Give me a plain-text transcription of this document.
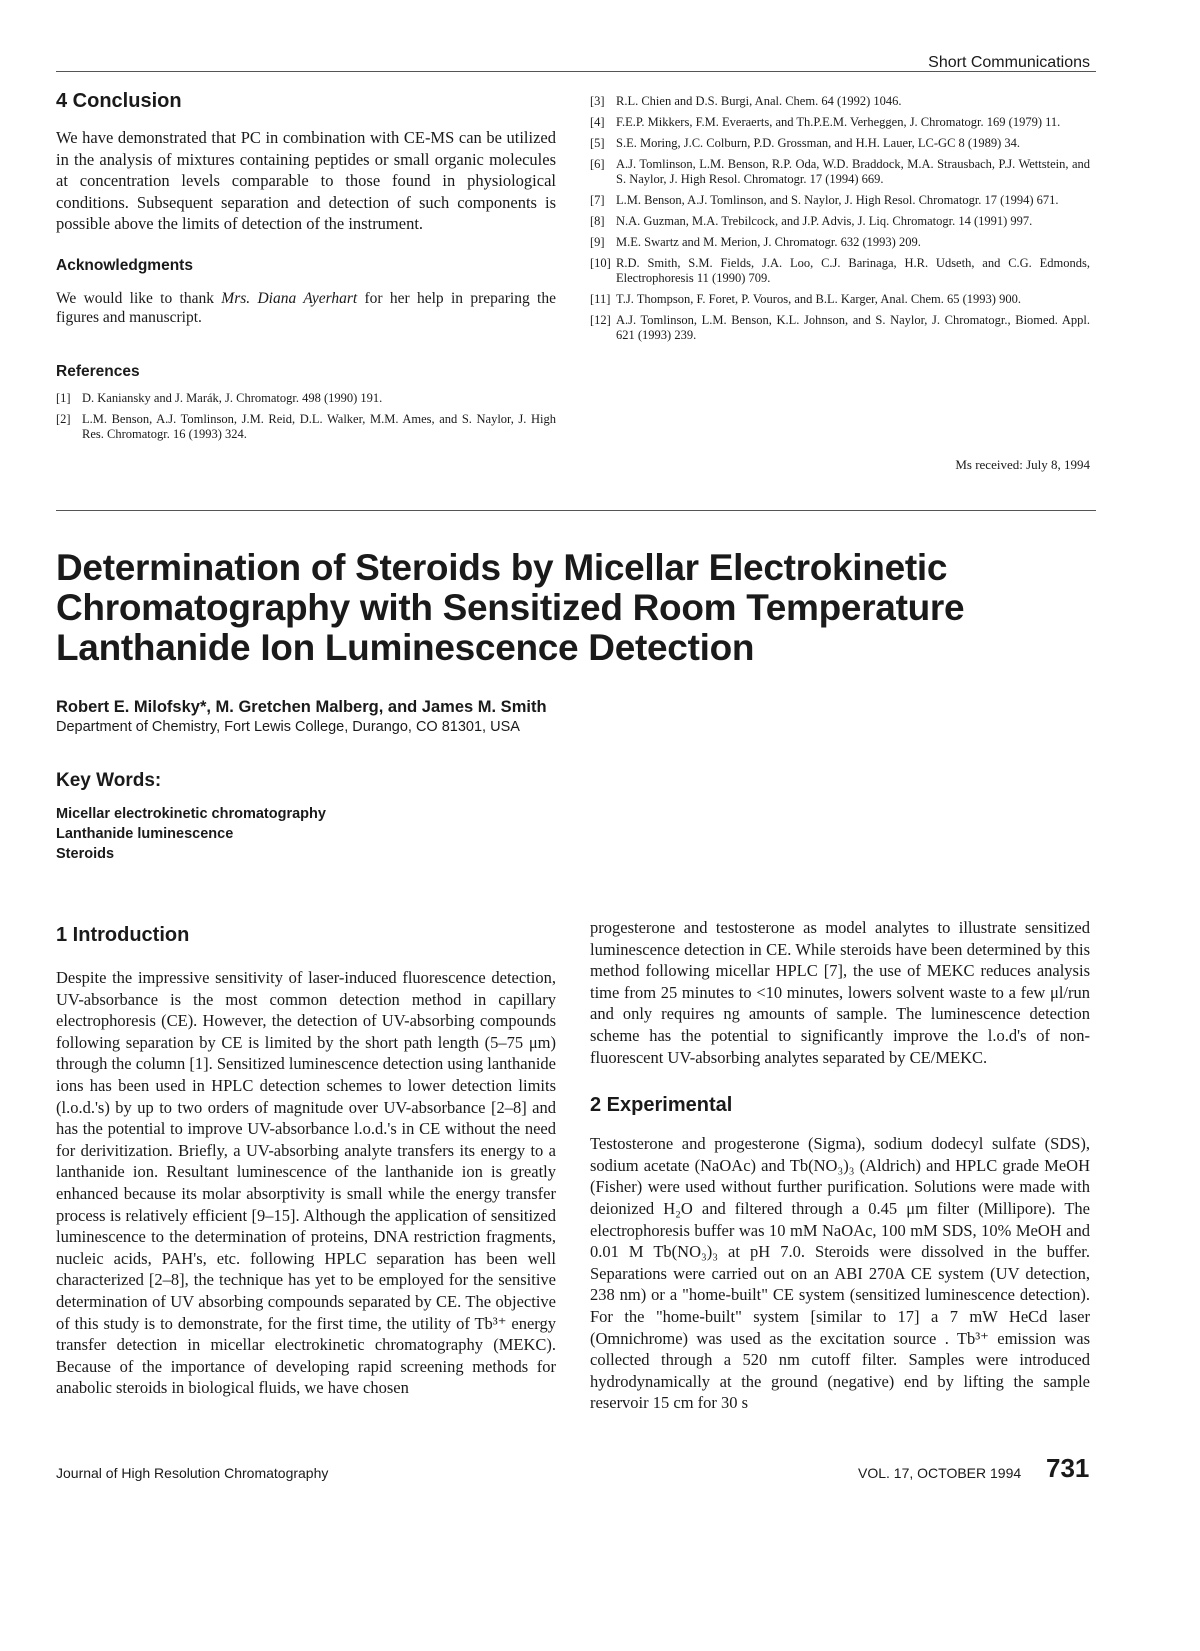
Short Communications
4 Conclusion

We have demonstrated that PC in combination with CE-MS can be utilized in the analysis of mixtures containing peptides or small organic molecules at concentration levels comparable to those found in physiological conditions. Subsequent separation and detection of such components is possible above the limits of detection of the instrument.

Acknowledgments

We would like to thank Mrs. Diana Ayerhart for her help in preparing the figures and manuscript.

References
[1] D. Kaniansky and J. Marák, J. Chromatogr. 498 (1990) 191.
[2] L.M. Benson, A.J. Tomlinson, J.M. Reid, D.L. Walker, M.M. Ames, and S. Naylor, J. High Res. Chromatogr. 16 (1993) 324.
[3] R.L. Chien and D.S. Burgi, Anal. Chem. 64 (1992) 1046.
[4] F.E.P. Mikkers, F.M. Everaerts, and Th.P.E.M. Verheggen, J. Chromatogr. 169 (1979) 11.
[5] S.E. Moring, J.C. Colburn, P.D. Grossman, and H.H. Lauer, LC-GC 8 (1989) 34.
[6] A.J. Tomlinson, L.M. Benson, R.P. Oda, W.D. Braddock, M.A. Strausbach, P.J. Wettstein, and S. Naylor, J. High Resol. Chromatogr. 17 (1994) 669.
[7] L.M. Benson, A.J. Tomlinson, and S. Naylor, J. High Resol. Chromatogr. 17 (1994) 671.
[8] N.A. Guzman, M.A. Trebilcock, and J.P. Advis, J. Liq. Chromatogr. 14 (1991) 997.
[9] M.E. Swartz and M. Merion, J. Chromatogr. 632 (1993) 209.
[10] R.D. Smith, S.M. Fields, J.A. Loo, C.J. Barinaga, H.R. Udseth, and C.G. Edmonds, Electrophoresis 11 (1990) 709.
[11] T.J. Thompson, F. Foret, P. Vouros, and B.L. Karger, Anal. Chem. 65 (1993) 900.
[12] A.J. Tomlinson, L.M. Benson, K.L. Johnson, and S. Naylor, J. Chromatogr., Biomed. Appl. 621 (1993) 239.
Ms received: July 8, 1994
Determination of Steroids by Micellar Electrokinetic Chromatography with Sensitized Room Temperature Lanthanide Ion Luminescence Detection

Robert E. Milofsky*, M. Gretchen Malberg, and James M. Smith

Department of Chemistry, Fort Lewis College, Durango, CO 81301, USA

Key Words:
Micellar electrokinetic chromatography
Lanthanide luminescence
Steroids
1 Introduction

Despite the impressive sensitivity of laser-induced fluorescence detection, UV-absorbance is the most common detection method in capillary electrophoresis (CE). However, the detection of UV-absorbing compounds following separation by CE is limited by the short path length (5–75 μm) through the column [1]. Sensitized luminescence detection using lanthanide ions has been used in HPLC detection schemes to lower detection limits (l.o.d.'s) by up to two orders of magnitude over UV-absorbance [2–8] and has the potential to improve UV-absorbance l.o.d.'s in CE without the need for derivitization. Briefly, a UV-absorbing analyte transfers its energy to a lanthanide ion. Resultant luminescence of the lanthanide ion is greatly enhanced because its molar absorptivity is small while the energy transfer process is relatively efficient [9–15]. Although the application of sensitized luminescence to the determination of proteins, DNA restriction fragments, nucleic acids, PAH's, etc. following HPLC separation has been well characterized [2–8], the technique has yet to be employed for the sensitive determination of UV absorbing compounds separated by CE. The objective of this study is to demonstrate, for the first time, the utility of Tb³⁺ energy transfer detection in micellar electrokinetic chromatography (MEKC). Because of the importance of developing rapid screening methods for anabolic steroids in biological fluids, we have chosen

progesterone and testosterone as model analytes to illustrate sensitized luminescence detection in CE. While steroids have been determined by this method following micellar HPLC [7], the use of MEKC reduces analysis time from 25 minutes to <10 minutes, lowers solvent waste to a few μl/run and only requires ng amounts of sample. The luminescence detection scheme has the potential to significantly improve the l.o.d's of non-fluorescent UV-absorbing analytes separated by CE/MEKC.

2 Experimental

Testosterone and progesterone (Sigma), sodium dodecyl sulfate (SDS), sodium acetate (NaOAc) and Tb(NO₃)₃ (Aldrich) and HPLC grade MeOH (Fisher) were used without further purification. Solutions were made with deionized H₂O and filtered through a 0.45 μm filter (Millipore). The electrophoresis buffer was 10 mM NaOAc, 100 mM SDS, 10% MeOH and 0.01 M Tb(NO₃)₃ at pH 7.0. Steroids were dissolved in the buffer. Separations were carried out on an ABI 270A CE system (UV detection, 238 nm) or a "home-built" CE system (sensitized luminescence detection). For the "home-built" system [similar to 17] a 7 mW HeCd laser (Omnichrome) was used as the excitation source . Tb³⁺ emission was collected through a 520 nm cutoff filter. Samples were introduced hydrodynamically at the ground (negative) end by lifting the sample reservoir 15 cm for 30 s

Journal of High Resolution Chromatography	VOL. 17, OCTOBER 1994 731
